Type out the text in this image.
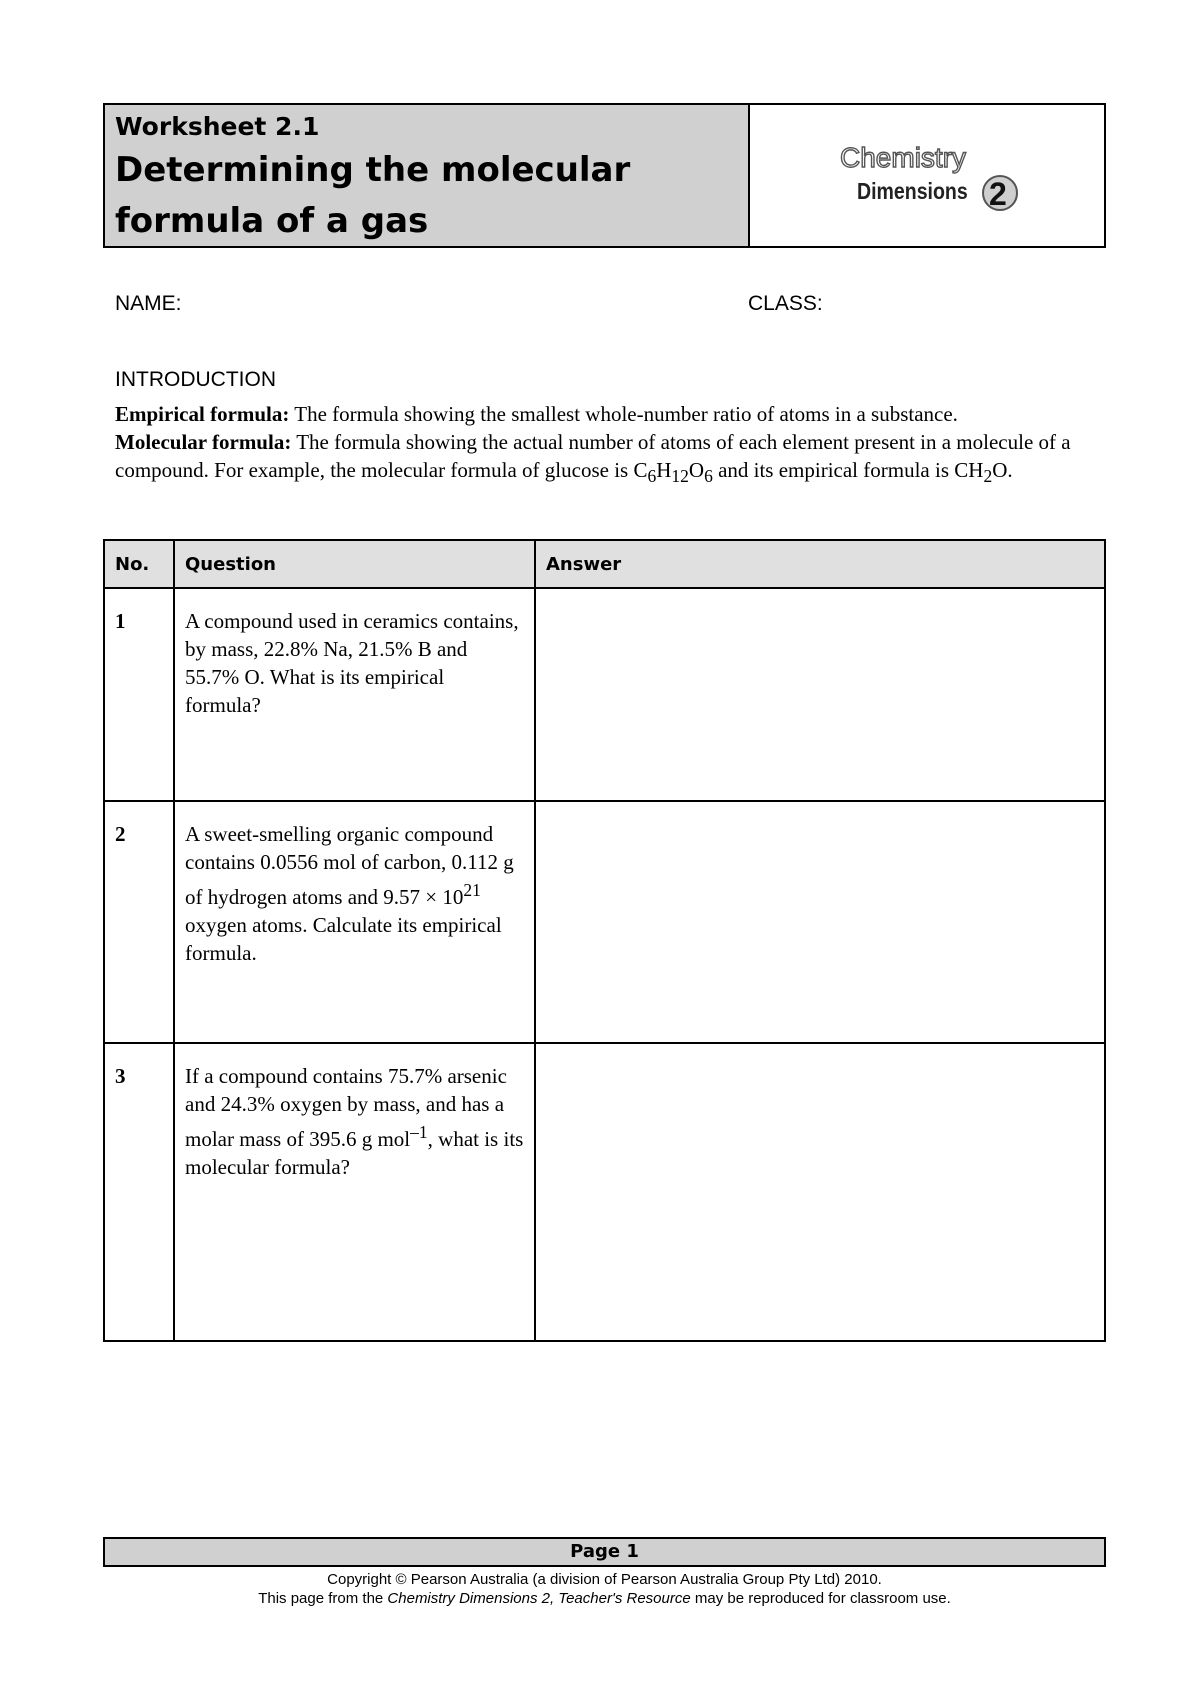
Worksheet 2.1
Determining the molecular formula of a gas
Chemistry
Dimensions 2
NAME:	CLASS:
INTRODUCTION

Empirical formula: The formula showing the smallest whole-number ratio of atoms in a substance.

Molecular formula: The formula showing the actual number of atoms of each element present in a molecule of a compound. For example, the molecular formula of glucose is $C_6H_{12}O_6$ and its empirical formula is $CH_2O$.

No.	Question	Answer
1	A compound used in ceramics contains, by mass, 22.8% Na, 21.5% B and 55.7% O. What is its empirical formula?	
2	A sweet-smelling organic compound contains 0.0556 mol of carbon, 0.112 g of hydrogen atoms and $9.57 \times 10^{21}$ oxygen atoms. Calculate its empirical formula.	
3	If a compound contains 75.7% arsenic and 24.3% oxygen by mass, and has a molar mass of 395.6 g mol$^{-1}$, what is its molecular formula?	
Page 1
Copyright © Pearson Australia (a division of Pearson Australia Group Pty Ltd) 2010.
This page from the Chemistry Dimensions 2, Teacher's Resource may be reproduced for classroom use.
